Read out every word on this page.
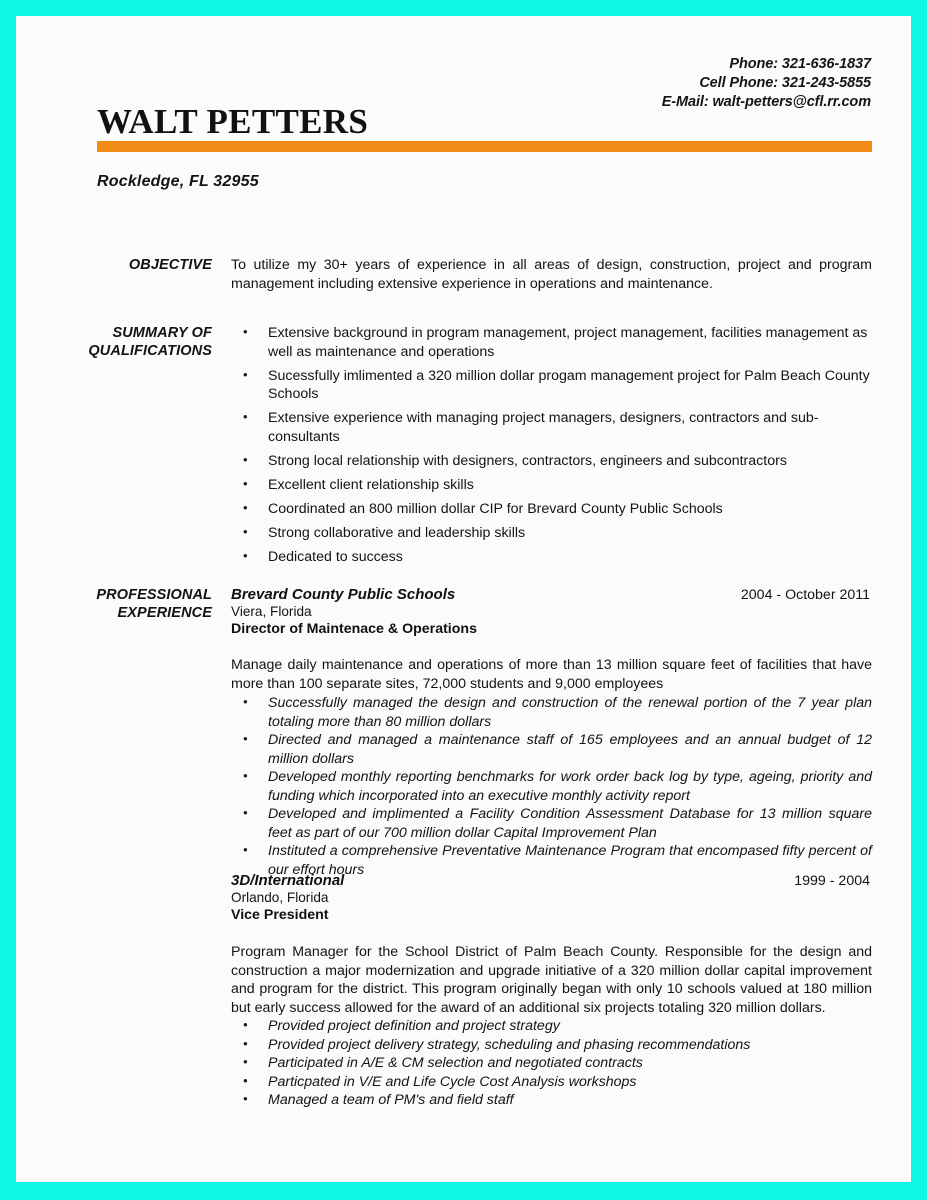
Phone: 321-636-1837
Cell Phone: 321-243-5855
E-Mail: walt-petters@cfl.rr.com
WALT PETTERS
Rockledge, FL 32955
OBJECTIVE	To utilize my 30+ years of experience in all areas of design, construction, project and program management including extensive experience in operations and maintenance.

SUMMARY OF
QUALIFICATIONS
• Extensive background in program management, project management, facilities management as well as maintenance and operations
• Sucessfully imlimented a 320 million dollar progam management project for Palm Beach County Schools
• Extensive experience with managing project managers, designers, contractors and sub-consultants
• Strong local relationship with designers, contractors, engineers and subcontractors
• Excellent client relationship skills
• Coordinated an 800 million dollar CIP for Brevard County Public Schools
• Strong collaborative and leadership skills
• Dedicated to success
PROFESSIONAL
EXPERIENCE
Brevard County Public Schools	2004 - October 2011
Viera, Florida
Director of Maintenace & Operations

Manage daily maintenance and operations of more than 13 million square feet of facilities that have more than 100 separate sites, 72,000 students and 9,000 employees

• Successfully managed the design and construction of the renewal portion of the 7 year plan totaling more than 80 million dollars
• Directed and managed a maintenance staff of 165 employees and an annual budget of 12 million dollars
• Developed monthly reporting benchmarks for work order back log by type, ageing, priority and funding which incorporated into an executive monthly activity report
• Developed and implimented a Facility Condition Assessment Database for 13 million square feet as part of our 700 million dollar Capital Improvement Plan
• Instituted a comprehensive Preventative Maintenance Program that encompased fifty percent of our effort hours
3D/International	1999 - 2004
Orlando, Florida
Vice President

Program Manager for the School District of Palm Beach County. Responsible for the design and construction a major modernization and upgrade initiative of a 320 million dollar capital improvement and program for the district. This program originally began with only 10 schools valued at 180 million but early success allowed for the award of an additional six projects totaling 320 million dollars.

• Provided project definition and project strategy
• Provided project delivery strategy, scheduling and phasing recommendations
• Participated in A/E & CM selection and negotiated contracts
• Particpated in V/E and Life Cycle Cost Analysis workshops
• Managed a team of PM's and field staff
